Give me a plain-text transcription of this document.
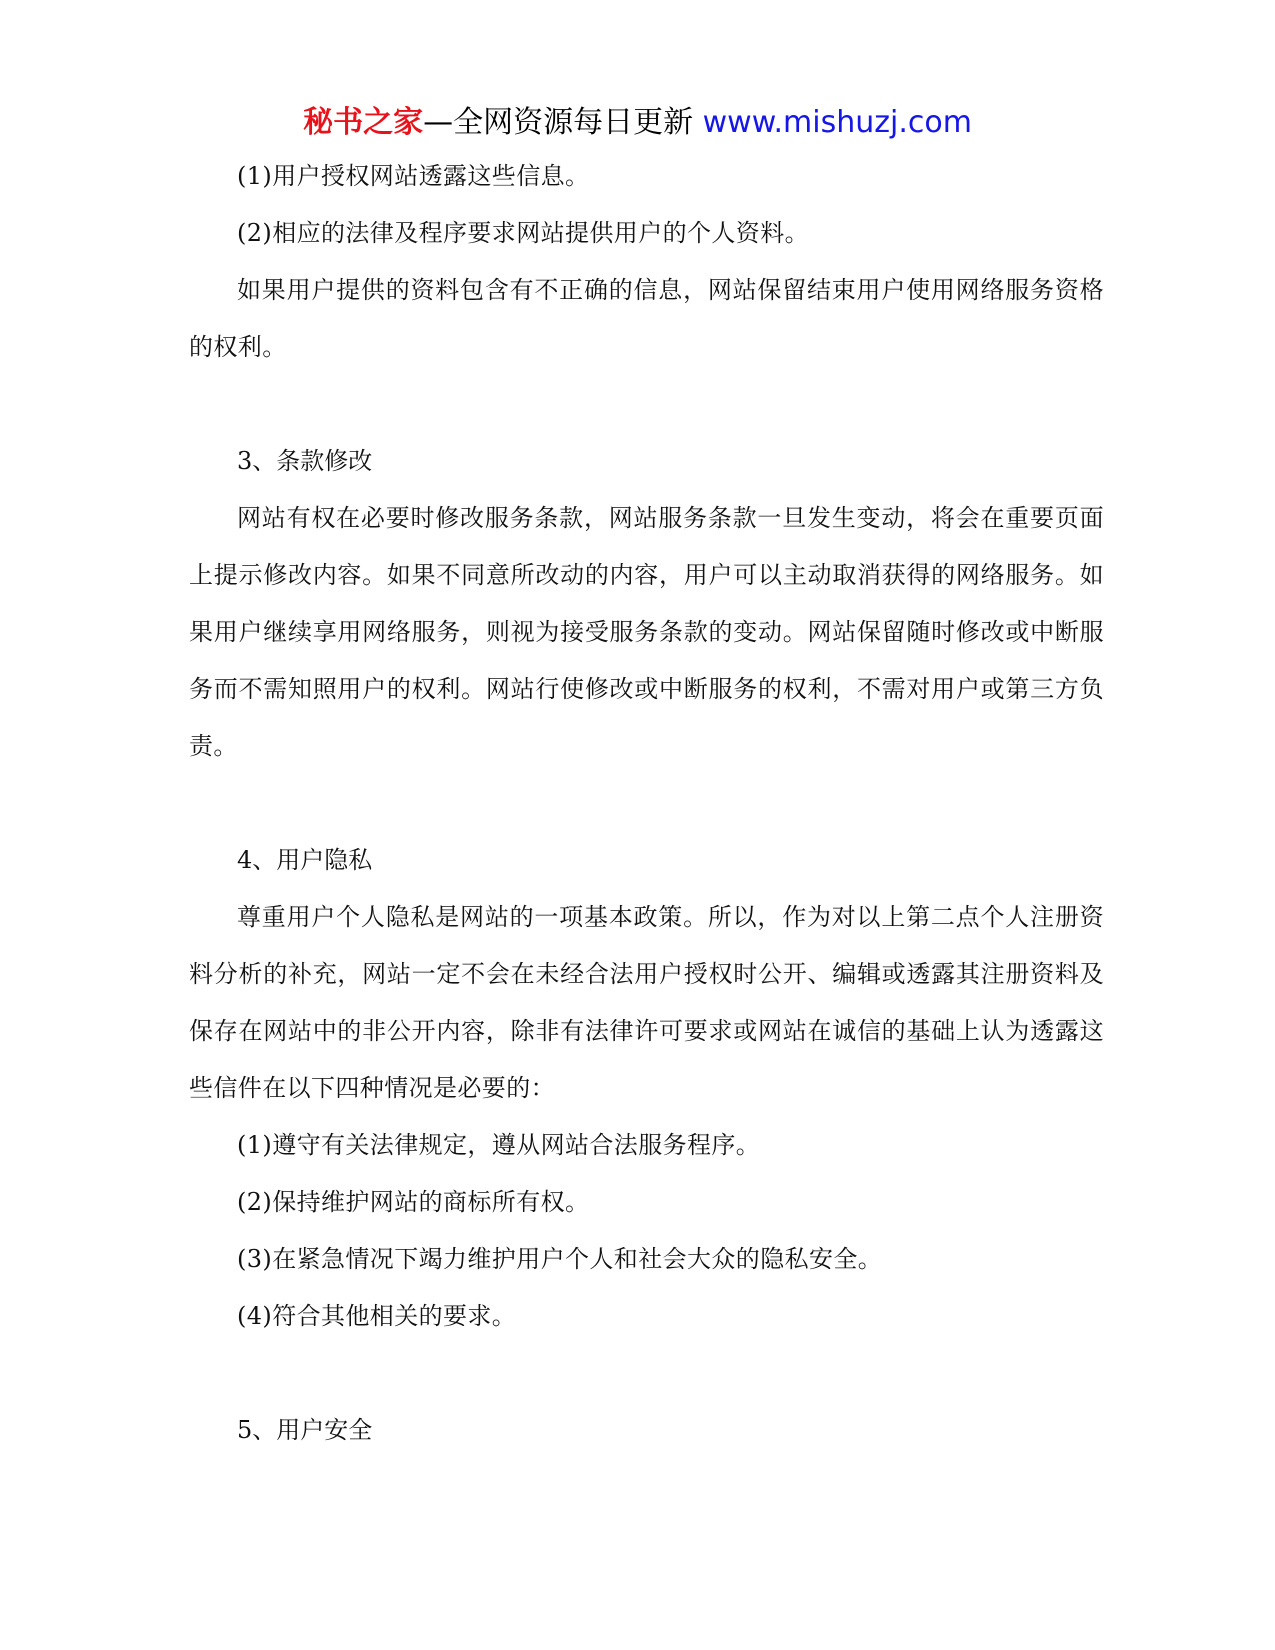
秘书之家—全网资源每日更新 www.mishuzj.com

(1)用户授权网站透露这些信息。

(2)相应的法律及程序要求网站提供用户的个人资料。

如果用户提供的资料包含有不正确的信息，网站保留结束用户使用网络服务资格的权利。

3、条款修改

网站有权在必要时修改服务条款，网站服务条款一旦发生变动，将会在重要页面上提示修改内容。如果不同意所改动的内容，用户可以主动取消获得的网络服务。如果用户继续享用网络服务，则视为接受服务条款的变动。网站保留随时修改或中断服务而不需知照用户的权利。网站行使修改或中断服务的权利，不需对用户或第三方负责。

4、用户隐私

尊重用户个人隐私是网站的一项基本政策。所以，作为对以上第二点个人注册资料分析的补充，网站一定不会在未经合法用户授权时公开、编辑或透露其注册资料及保存在网站中的非公开内容，除非有法律许可要求或网站在诚信的基础上认为透露这些信件在以下四种情况是必要的：

(1)遵守有关法律规定，遵从网站合法服务程序。

(2)保持维护网站的商标所有权。

(3)在紧急情况下竭力维护用户个人和社会大众的隐私安全。

(4)符合其他相关的要求。

5、用户安全
